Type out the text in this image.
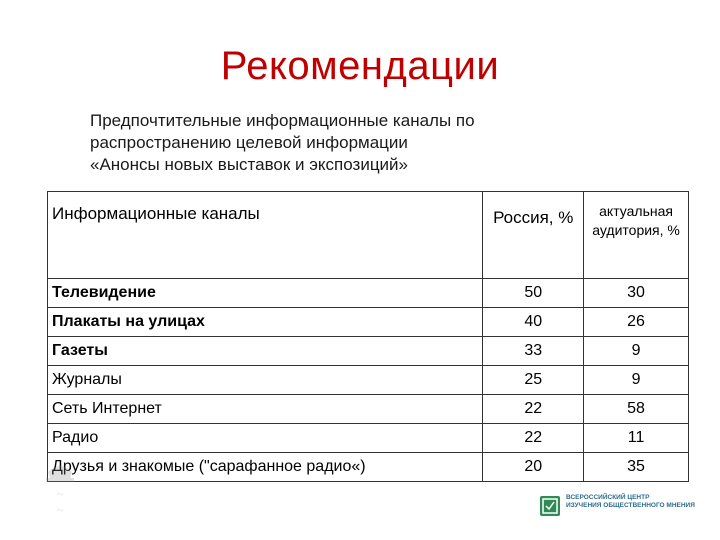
Рекомендации
Предпочтительные информационные каналы по
распространению целевой информации
«Анонсы новых выставок и экспозиций»
Информационные каналы	Россия, %	актуальная аудитория, %
Телевидение	50	30
Плакаты на улицах	40	26
Газеты	33	9
Журналы	25	9
Сеть Интернет	22	58
Радио	22	11
Друзья и знакомые ("сарафанное радио«)	20	35
~
~
ВСЕРОССИЙСКИЙ ЦЕНТР
ИЗУЧЕНИЯ ОБЩЕСТВЕННОГО МНЕНИЯ
